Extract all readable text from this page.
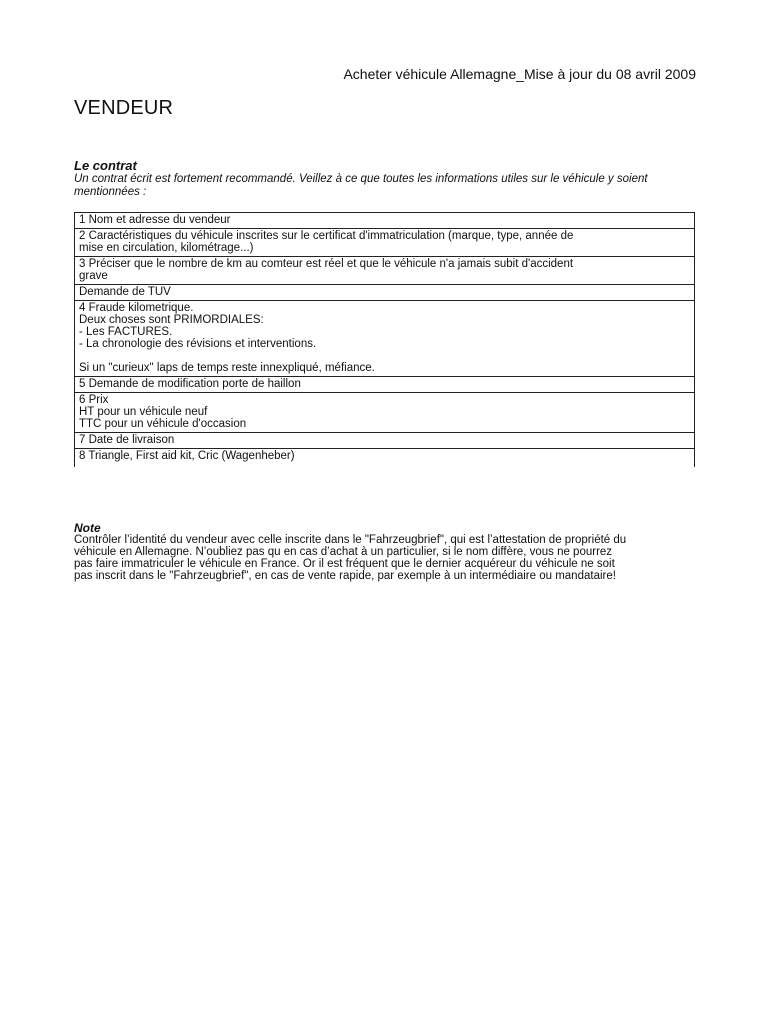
Acheter véhicule Allemagne_Mise à jour du 08 avril 2009
VENDEUR
Le contrat
Un contrat écrit est fortement recommandé. Veillez à ce que toutes les informations utiles sur le véhicule y soient mentionnées :
1 Nom et adresse du vendeur
2 Caractéristiques du véhicule inscrites sur le certificat d'immatriculation (marque, type, année de
mise en circulation, kilométrage...)
3 Préciser que le nombre de km au comteur est réel et que le véhicule n'a jamais subit d'accident
grave
Demande de TUV
4 Fraude kilometrique.
Deux choses sont PRIMORDIALES:
- Les FACTURES.
- La chronologie des révisions et interventions.
Si un "curieux" laps de temps reste innexpliqué, méfiance.
5 Demande de modification porte de haillon
6 Prix
HT pour un véhicule neuf
TTC pour un véhicule d'occasion
7 Date de livraison
8 Triangle, First aid kit, Cric (Wagenheber)
Note
Contrôler l’identité du vendeur avec celle inscrite dans le "Fahrzeugbrief", qui est l’attestation de propriété du
véhicule en Allemagne. N’oubliez pas qu en cas d’achat à un particulier, si le nom diffère, vous ne pourrez
pas faire immatriculer le véhicule en France. Or il est fréquent que le dernier acquéreur du véhicule ne soit
pas inscrit dans le "Fahrzeugbrief", en cas de vente rapide, par exemple à un intermédiaire ou mandataire!
